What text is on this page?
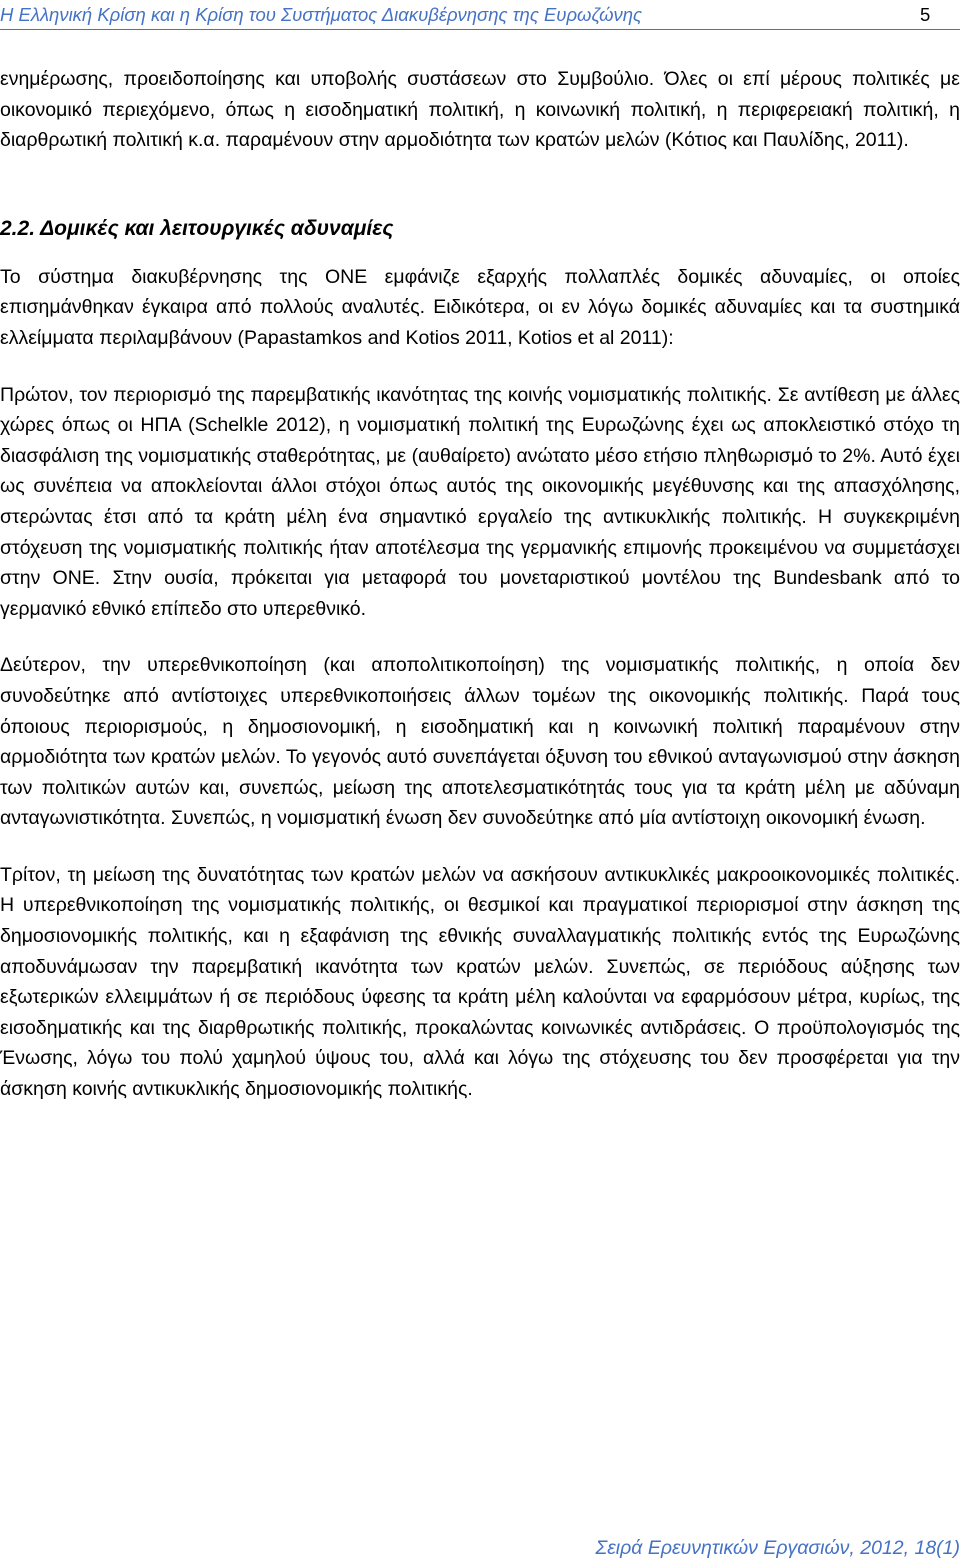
Η Ελληνική Κρίση και η Κρίση του Συστήματος Διακυβέρνησης της Ευρωζώνης	5

ενημέρωσης, προειδοποίησης και υποβολής συστάσεων στο Συμβούλιο. Όλες οι επί μέρους πολιτικές με οικονομικό περιεχόμενο, όπως η εισοδηματική πολιτική, η κοινωνική πολιτική, η περιφερειακή πολιτική, η διαρθρωτική πολιτική κ.α. παραμένουν στην αρμοδιότητα των κρατών μελών (Κότιος και Παυλίδης, 2011).

2.2. Δομικές και λειτουργικές αδυναμίες

Το σύστημα διακυβέρνησης της ΟΝΕ εμφάνιζε εξαρχής πολλαπλές δομικές αδυναμίες, οι οποίες επισημάνθηκαν έγκαιρα από πολλούς αναλυτές. Ειδικότερα, οι εν λόγω δομικές αδυναμίες και τα συστημικά ελλείμματα περιλαμβάνουν (Papastamkos and Kotios 2011, Kotios et al 2011):

Πρώτον, τον περιορισμό της παρεμβατικής ικανότητας της κοινής νομισματικής πολιτικής. Σε αντίθεση με άλλες χώρες όπως οι ΗΠΑ (Schelkle 2012), η νομισματική πολιτική της Ευρωζώνης έχει ως αποκλειστικό στόχο τη διασφάλιση της νομισματικής σταθερότητας, με (αυθαίρετο) ανώτατο μέσο ετήσιο πληθωρισμό το 2%. Αυτό έχει ως συνέπεια να αποκλείονται άλλοι στόχοι όπως αυτός της οικονομικής μεγέθυνσης και της απασχόλησης, στερώντας έτσι από τα κράτη μέλη ένα σημαντικό εργαλείο της αντικυκλικής πολιτικής. Η συγκεκριμένη στόχευση της νομισματικής πολιτικής ήταν αποτέλεσμα της γερμανικής επιμονής προκειμένου να συμμετάσχει στην ΟΝΕ. Στην ουσία, πρόκειται για μεταφορά του μονεταριστικού μοντέλου της Bundesbank από το γερμανικό εθνικό επίπεδο στο υπερεθνικό.

Δεύτερον, την υπερεθνικοποίηση (και αποπολιτικοποίηση) της νομισματικής πολιτικής, η οποία δεν συνοδεύτηκε από αντίστοιχες υπερεθνικοποιήσεις άλλων τομέων της οικονομικής πολιτικής. Παρά τους όποιους περιορισμούς, η δημοσιονομική, η εισοδηματική και η κοινωνική πολιτική παραμένουν στην αρμοδιότητα των κρατών μελών. Το γεγονός αυτό συνεπάγεται όξυνση του εθνικού ανταγωνισμού στην άσκηση των πολιτικών αυτών και, συνεπώς, μείωση της αποτελεσματικότητάς τους για τα κράτη μέλη με αδύναμη ανταγωνιστικότητα. Συνεπώς, η νομισματική ένωση δεν συνοδεύτηκε από μία αντίστοιχη οικονομική ένωση.

Τρίτον, τη μείωση της δυνατότητας των κρατών μελών να ασκήσουν αντικυκλικές μακροοικονομικές πολιτικές. Η υπερεθνικοποίηση της νομισματικής πολιτικής, οι θεσμικοί και πραγματικοί περιορισμοί στην άσκηση της δημοσιονομικής πολιτικής, και η εξαφάνιση της εθνικής συναλλαγματικής πολιτικής εντός της Ευρωζώνης αποδυνάμωσαν την παρεμβατική ικανότητα των κρατών μελών. Συνεπώς, σε περιόδους αύξησης των εξωτερικών ελλειμμάτων ή σε περιόδους ύφεσης τα κράτη μέλη καλούνται να εφαρμόσουν μέτρα, κυρίως, της εισοδηματικής και της διαρθρωτικής πολιτικής, προκαλώντας κοινωνικές αντιδράσεις. Ο προϋπολογισμός της Ένωσης, λόγω του πολύ χαμηλού ύψους του, αλλά και λόγω της στόχευσης του δεν προσφέρεται για την άσκηση κοινής αντικυκλικής δημοσιονομικής πολιτικής.

Σειρά Ερευνητικών Εργασιών, 2012, 18(1)
